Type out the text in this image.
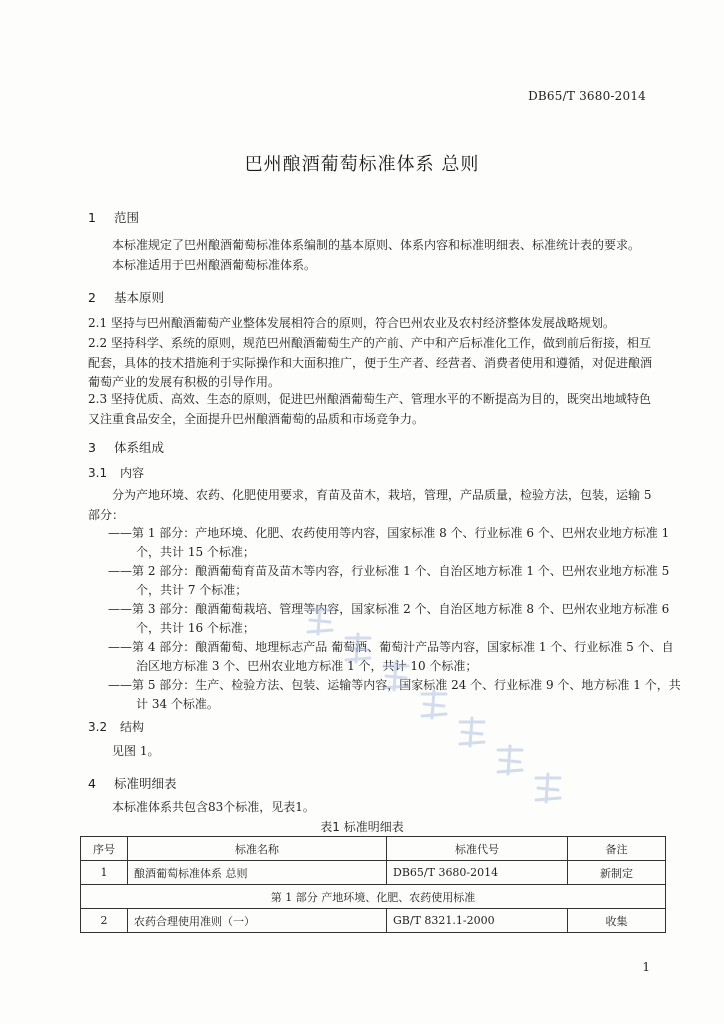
DB65/T 3680-2014
巴州酿酒葡萄标准体系 总则
1 范围
本标准规定了巴州酿酒葡萄标准体系编制的基本原则、体系内容和标准明细表、标准统计表的要求。
本标准适用于巴州酿酒葡萄标准体系。
2 基本原则
2.1 坚持与巴州酿酒葡萄产业整体发展相符合的原则，符合巴州农业及农村经济整体发展战略规划。
2.2 坚持科学、系统的原则，规范巴州酿酒葡萄生产的产前、产中和产后标准化工作，做到前后衔接，相互配套，具体的技术措施利于实际操作和大面积推广，便于生产者、经营者、消费者使用和遵循，对促进酿酒葡萄产业的发展有积极的引导作用。
2.3 坚持优质、高效、生态的原则，促进巴州酿酒葡萄生产、管理水平的不断提高为目的，既突出地域特色又注重食品安全，全面提升巴州酿酒葡萄的品质和市场竞争力。
3 体系组成
3.1 内容
分为产地环境、农药、化肥使用要求，育苗及苗木，栽培，管理，产品质量，检验方法，包装，运输 5 部分：
——第 1 部分：产地环境、化肥、农药使用等内容，国家标准 8 个、行业标准 6 个、巴州农业地方标准 1 个，共计 15 个标准；
——第 2 部分：酿酒葡萄育苗及苗木等内容，行业标准 1 个、自治区地方标准 1 个、巴州农业地方标准 5 个，共计 7 个标准；
——第 3 部分：酿酒葡萄栽培、管理等内容，国家标准 2 个、自治区地方标准 8 个、巴州农业地方标准 6 个，共计 16 个标准；
——第 4 部分：酿酒葡萄、地理标志产品 葡萄酒、葡萄汁产品等内容，国家标准 1 个、行业标准 5 个、自治区地方标准 3 个、巴州农业地方标准 1 个，共计 10 个标准；
——第 5 部分：生产、检验方法、包装、运输等内容，国家标准 24 个、行业标准 9 个、地方标准 1 个，共计 34 个标准。
3.2 结构
见图 1。
4 标准明细表
本标准体系共包含83个标准，见表1。
表1 标准明细表
序号	标准名称	标准代号	备注
1	酿酒葡萄标准体系 总则	DB65/T 3680-2014	新制定
第 1 部分 产地环境、化肥、农药使用标准			
2	农药合理使用准则（一）	GB/T 8321.1-2000	收集
1
